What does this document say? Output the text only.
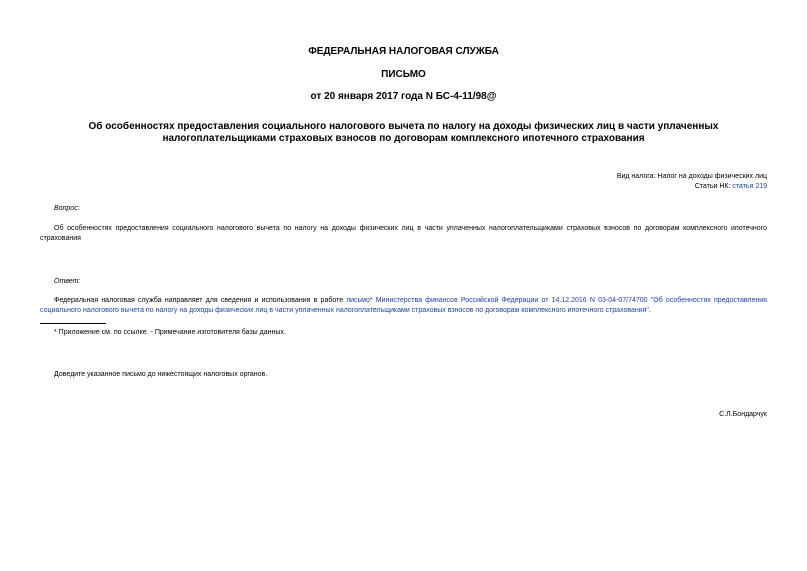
ФЕДЕРАЛЬНАЯ НАЛОГОВАЯ СЛУЖБА
ПИСЬМО
от 20 января 2017 года N БС-4-11/98@
Об особенностях предоставления социального налогового вычета по налогу на доходы физических лиц в части уплаченных налогоплательщиками страховых взносов по договорам комплексного ипотечного страхования
Вид налога: Налог на доходы физических лиц
Статьи НК: статья 219
Вопрос:
Об особенностях предоставления социального налогового вычета по налогу на доходы физических лиц в части уплаченных налогоплательщиками страховых взносов по договорам комплексного ипотечного страхования
Ответ:
Федеральная налоговая служба направляет для сведения и использования в работе письмо* Министерства финансов Российской Федерации от 14.12.2016 N 03-04-07/74700 "Об особенностях предоставления социального налогового вычета по налогу на доходы физических лиц в части уплаченных налогоплательщиками страховых взносов по договорам комплексного ипотечного страхования".
* Приложение см. по ссылке. - Примечание изготовителя базы данных.
Доведите указанное письмо до нижестоящих налоговых органов.
С.Л.Бондарчук
